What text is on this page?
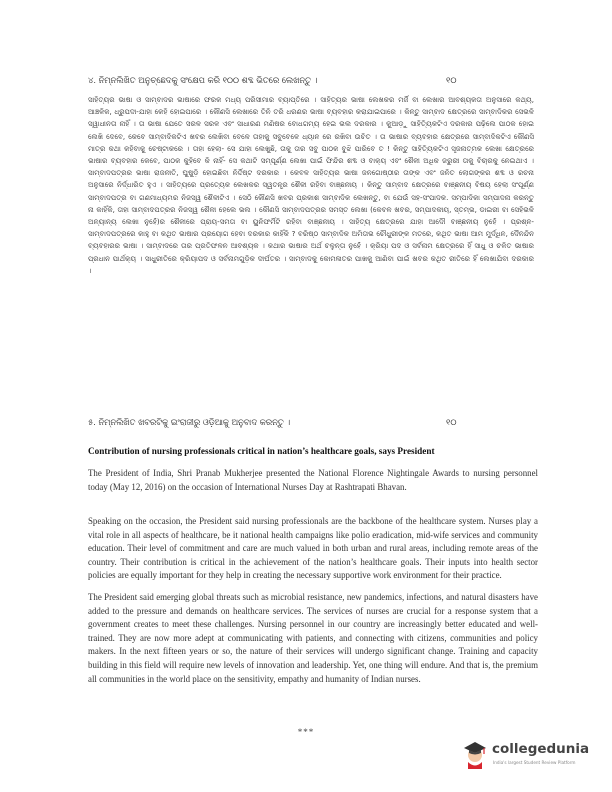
୪. ନିମ୍ନଲିଖିତ ଅନୁଚ୍ଛେଦକୁ ସଂକ୍ଷେପ କରି ୧୦୦ ଶବ୍ଦ ଭିତରେ ଲେଖନ୍ତୁ ।	୧୦
ସାହିତ୍ୟର ଭାଷା ଓ ସାମ୍ବାଦର ଭାଷାରେ ଫରକ ମଧ୍ୟ ପରିସୀମାର ବ୍ୟାପ୍ତିରେ । ସାହିତ୍ୟର ଭାଷା ଲେଖକର ମର୍ଜି ବା ଲେଖାର ଆବଶ୍ୟକତା ଅନୁସାରେ କଥ୍ୟ, ଆଞ୍ଚଳିକ, ଧ୍ରୁପଦୀ-ଯାହା କେହି ହୋଇପାରେ । କୌଣସି ଲେଖାରେ ତିନି ତରି ଧରଣର ଭାଷା ବ୍ୟବହାର କରାଯାଇପାରେ । କିନ୍ତୁ ସାମ୍ବାଦ କ୍ଷେତ୍ରରେ ସାମ୍ବାଦିକର ସେଭଳି ସ୍ୱାଧୀନତା ନାହିଁ । ତା ଭାଷା ଯେତେ ସରଳ ସରଳ ଏବଂ ସାଧାରଣ ମଣିଷର ବୋଧଗମ୍ୟ ହେଇ ଭଲ ଦରକାର । କୁଆଡ଼ୁ ସାହିତ୍ୟିକଟିଏ ଦରକାର ପଢ଼ିଲେ ପାଠକ ହୋଇ ଲେଖି ଦେବେ, କେବେ ସାମ୍ବାଦିକଟିଏ ଖବର ଲେଖିବା ବେଳେ ତାହାକୁ ସବୁବେଳେ ଧ୍ୟାନ ରେ ରଖିବା ଉଚିତ । ତା ଭାଷାର ବ୍ୟବହାର କ୍ଷେତ୍ରରେ ସାମ୍ବାଦିକଟିଏ କୌଣସି ମାତ୍ର କଥା କହିବାକୁ ଚେଷ୍ଟାକରେ । ତାହା ହେଲା- ସେ ଯାହା ଲେଖୁଛି, ତାକୁ ତାର ସବୁ ପାଠକ ବୁଝି ପାରିବେ ତ ! କିନ୍ତୁ ସାହିତ୍ୟିକଟିଏ ସୃଜନାତ୍ମକ ଲେଖା କ୍ଷେତ୍ରରେ ଭାଷାର ବ୍ୟବହାର କେବେ, ପାଠକ କୁହିବେ କି ନାହିଁ- ସେ କଥାଟି ସମ୍ପୂର୍ଣ୍ଣ ଲେଖା ପାଇଁ ଫିନ୍ଦିର ଶବ୍ଦ ଓ ବାକ୍ୟ ଏବଂ ଶୈଳୀ ଅଧିକ ଜରୁରୀ ତାକୁ ବିଚାରକୁ ନେଇଥାଏ । ସାମ୍ବାଦପତ୍ରର ଭାଷା ରାଜନୀତି, ଘୁଷୁଡ଼ି ହୋଇଛିବା ନିର୍ଦ୍ଦିଷ୍ଟ ଦରକାର । କେବଳ ସାହିତ୍ୟର ଭାଷା ଜନଗୋଷ୍ଠୀର ତାଙ୍କ ଏବଂ ଜନିତ ଲୋଗଙ୍କର ଶବ୍ଦ ଓ ରଚନା ଅନୁସାରେ ନିର୍ଦ୍ଧାରିତ ହୁଏ । ସାହିତ୍ୟରେ ପ୍ରତ୍ୟେକ ଲେଖକର ସ୍ୱତନ୍ତ୍ର ଶୈଳୀ ରହିବା ବାଞ୍ଛନୀୟ । କିନ୍ତୁ ସାମ୍ବାଦ କ୍ଷେତ୍ରରେ ବାଞ୍ଛନୀୟ ବିଷୟ ହେଲା ସଂପୂର୍ଣ୍ଣ ସାମ୍ବାଦପତ୍ର ବା ଗଣମାଧ୍ୟମର ନିଜସ୍ୱ ଶୈଳୀଟିଏ । ସେଠି କୌଣସି ଖବର ପ୍ରକାଶ ସାମ୍ବାଦିକ ଲେଖନ୍ତୁ, ବା ଯେଉଁ ସହ-ସଂପାଦକ. ସମ୍ପାଦିକା ସମ୍ପାଦନା କରନ୍ତୁ ନା କାହିଁକି, ତାହା ସାମ୍ବାଦପତ୍ରର ନିଜସ୍ୱ ଶୈଳୀ ହେଲେ ଭଲ । କୌଣସି ସାମ୍ବାଦପତ୍ରର ସମସ୍ତ ଲେଖା (କେବଳ ଖବର, ସମ୍ପାଦକୀୟ, ସ୍ତମ୍ଭ, ଡାଇରୀ ବା ସେହିଭଳି ଅନ୍ୟାନ୍ୟ ଲେଖା ନୁହେଁ)ର ଶୈଳୀରେ ପ୍ରାୟ-ସମତା ବା ୟୁନିଫର୍ମିଟି ରହିବା ବାଞ୍ଛନୀୟ । ସାହିତ୍ୟ କ୍ଷେତ୍ରରେ ଯାହା ଆଦୌ ବାଞ୍ଛନୀୟ ନୁହେଁ । ପ୍ରଶ୍ନ- ସାମ୍ବାଦପତ୍ରରେ କାହୁ ବା କଥିତ ଭାଷାର ପ୍ରୟୋଗ ହେବା ଦରକାର କାହିଁକି ? ବରିଷ୍ଠ ସାମ୍ବାଦିକ ଅମିତାଭ ଚୌଧୁରୀଙ୍କ ମତରେ, କଥିତ ଭାଷା ଆମ ମୁର୍ଦ୍ଧିନ, ଦୈନନ୍ଦିନ ବ୍ୟବହାରର ଭାଷା । ସାମ୍ବାଦରେ ତାର ପ୍ରତିଫଳନ ଆବଶ୍ୟକ । କଥାର ଭାଷାର ଅର୍ଥ ଚଳୁନ୍ତା ନୁହେଁ । କ୍ରିୟା ପଦ ଓ ସର୍ବନାମ କ୍ଷେତ୍ରରେ ହିଁ ସାଧୁ ଓ ଚଳିତ ଭାଷାର ପ୍ରଧାନ ପାର୍ଥକ୍ୟ । ସାଧୁରୀତିରେ କ୍ରିୟାପଦ ଓ ସର୍ବନାମଗୁଡ଼ିକ ଦୀର୍ଘତର । ସାମ୍ବାଦକୁ କୋମଳାତର ପାଖକୁ ଆଣିବା ପାଇଁ ଖବର କଥିତ ରୀତିରେ ହିଁ ଲେଖାଯିବା ଦରକାର ।
୫. ନିମ୍ନଲିଖିତ ଖବରଟିକୁ ଇଂରାଜୀରୁ ଓଡ଼ିଆକୁ ଅନୁବାଦ କରନ୍ତୁ ।	୧୦
Contribution of nursing professionals critical in nation’s healthcare goals, says President
The President of India, Shri Pranab Mukherjee presented the National Florence Nightingale Awards to nursing personnel today (May 12, 2016) on the occasion of International Nurses Day at Rashtrapati Bhavan.
Speaking on the occasion, the President said nursing professionals are the backbone of the healthcare system. Nurses play a vital role in all aspects of healthcare, be it national health campaigns like polio eradication, mid-wife services and community education. Their level of commitment and care are much valued in both urban and rural areas, including remote areas of the country. Their contribution is critical in the achievement of the nation’s healthcare goals. Their inputs into health sector policies are equally important for they help in creating the necessary supportive work environment for their practice.
The President said emerging global threats such as microbial resistance, new pandemics, infections, and natural disasters have added to the pressure and demands on healthcare services. The services of nurses are crucial for a response system that a government creates to meet these challenges. Nursing personnel in our country are increasingly better educated and well-trained. They are now more adept at communicating with patients, and connecting with citizens, communities and policy makers. In the next fifteen years or so, the nature of their services will undergo significant change. Training and capacity building in this field will require new levels of innovation and leadership. Yet, one thing will endure. And that is, the premium all communities in the world place on the sensitivity, empathy and humanity of Indian nurses.
***
collegedunia
India's largest Student Review Platform
